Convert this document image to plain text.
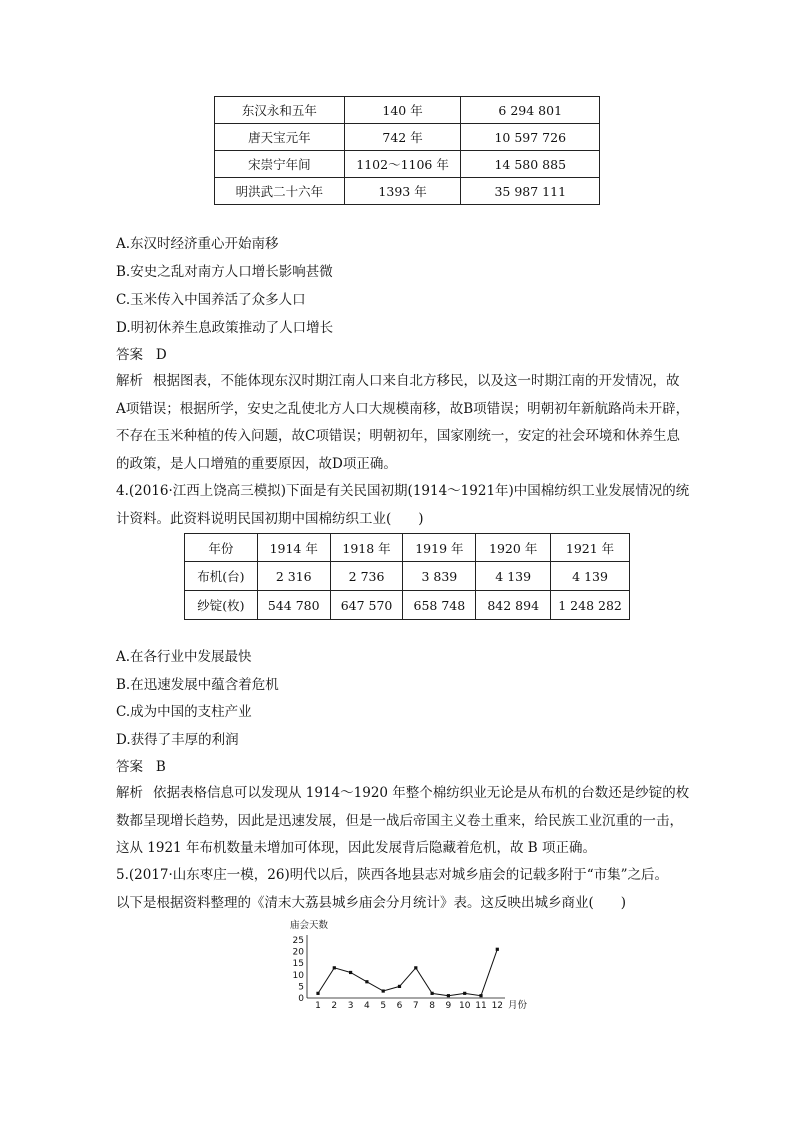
东汉永和五年	140 年	6 294 801
唐天宝元年	742 年	10 597 726
宋崇宁年间	1102～1106 年	14 580 885
明洪武二十六年	1393 年	35 987 111
A.东汉时经济重心开始南移
B.安史之乱对南方人口增长影响甚微
C.玉米传入中国养活了众多人口
D.明初休养生息政策推动了人口增长
答案 D
解析 根据图表，不能体现东汉时期江南人口来自北方移民，以及这一时期江南的开发情况，故
A项错误；根据所学，安史之乱使北方人口大规模南移，故B项错误；明朝初年新航路尚未开辟，
不存在玉米种植的传入问题，故C项错误；明朝初年，国家刚统一，安定的社会环境和休养生息
的政策，是人口增殖的重要原因，故D项正确。
4.(2016·江西上饶高三模拟)下面是有关民国初期(1914～1921年)中国棉纺织工业发展情况的统
计资料。此资料说明民国初期中国棉纺织工业(　　)
年份	1914 年	1918 年	1919 年	1920 年	1921 年
布机(台)	2 316	2 736	3 839	4 139	4 139
纱锭(枚)	544 780	647 570	658 748	842 894	1 248 282
A.在各行业中发展最快
B.在迅速发展中蕴含着危机
C.成为中国的支柱产业
D.获得了丰厚的利润
答案 B
解析 依据表格信息可以发现从 1914～1920 年整个棉纺织业无论是从布机的台数还是纱锭的枚
数都呈现增长趋势，因此是迅速发展，但是一战后帝国主义卷土重来，给民族工业沉重的一击，
这从 1921 年布机数量未增加可体现，因此发展背后隐藏着危机，故 B 项正确。
5.(2017·山东枣庄一模，26)明代以后，陕西各地县志对城乡庙会的记载多附于“市集”之后。
以下是根据资料整理的《清末大荔县城乡庙会分月统计》表。这反映出城乡商业(　　)
庙会天数
月份
0
5
10
15
20
25
1 2 3 4 5 6 7 8 9 10 11 12
